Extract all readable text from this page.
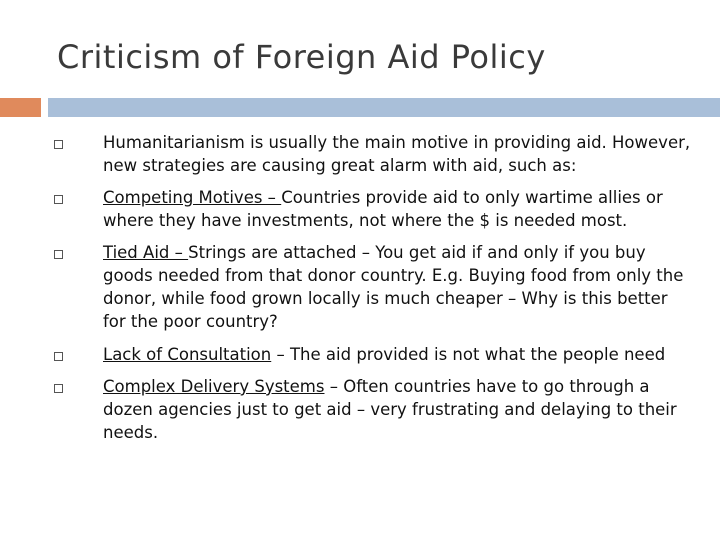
Criticism of Foreign Aid Policy
Humanitarianism is usually the main motive in providing aid. However, new strategies are causing great alarm with aid, such as:
Competing Motives – Countries provide aid to only wartime allies or where they have investments, not where the $ is needed most.
Tied Aid – Strings are attached – You get aid if and only if you buy goods needed from that donor country. E.g. Buying food from only the donor, while food grown locally is much cheaper – Why is this better for the poor country?
Lack of Consultation – The aid provided is not what the people need
Complex Delivery Systems – Often countries have to go through a dozen agencies just to get aid – very frustrating and delaying to their needs.
